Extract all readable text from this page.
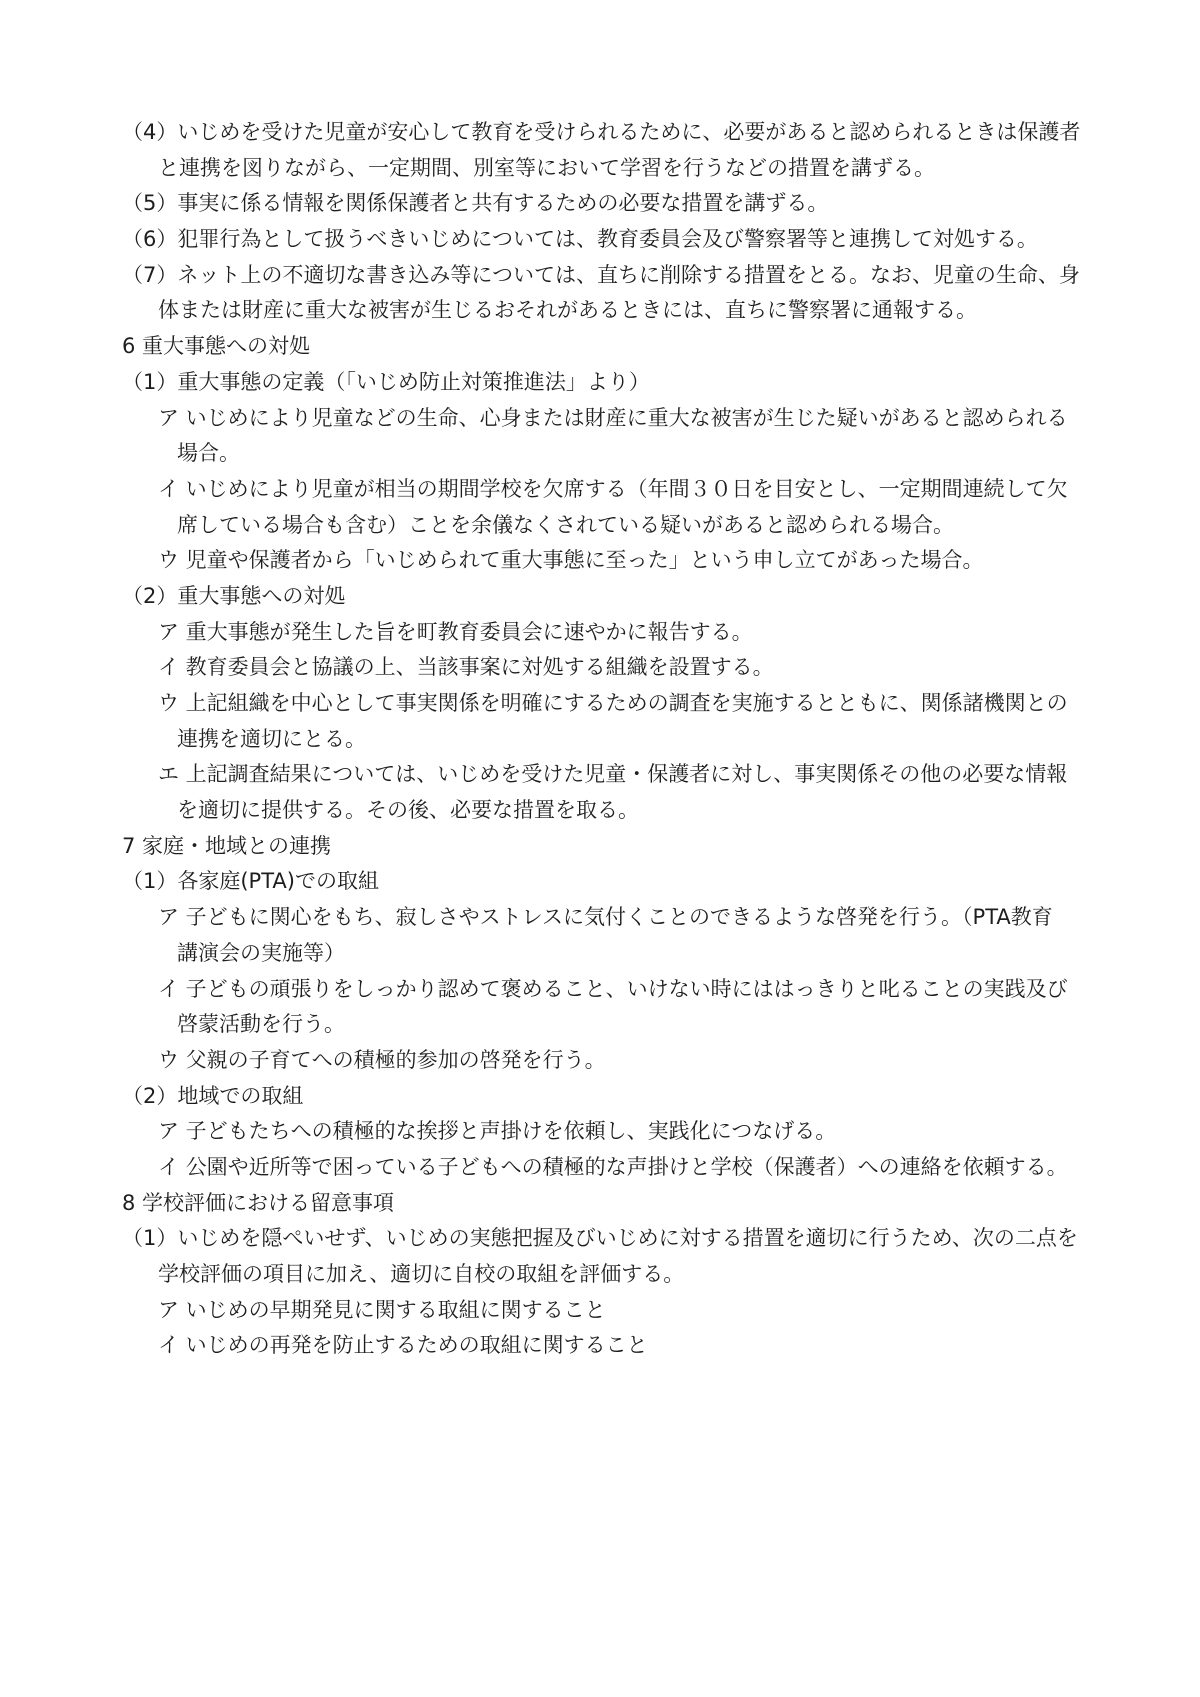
（4）いじめを受けた児童が安心して教育を受けられるために、必要があると認められるときは保護者
と連携を図りながら、一定期間、別室等において学習を行うなどの措置を講ずる。
（5）事実に係る情報を関係保護者と共有するための必要な措置を講ずる。
（6）犯罪行為として扱うべきいじめについては、教育委員会及び警察署等と連携して対処する。
（7）ネット上の不適切な書き込み等については、直ちに削除する措置をとる。なお、児童の生命、身
体または財産に重大な被害が生じるおそれがあるときには、直ちに警察署に通報する。
6 重大事態への対処
（1）重大事態の定義（「いじめ防止対策推進法」より）
ア いじめにより児童などの生命、心身または財産に重大な被害が生じた疑いがあると認められる
場合。
イ いじめにより児童が相当の期間学校を欠席する（年間３０日を目安とし、一定期間連続して欠
席している場合も含む）ことを余儀なくされている疑いがあると認められる場合。
ウ 児童や保護者から「いじめられて重大事態に至った」という申し立てがあった場合。
（2）重大事態への対処
ア 重大事態が発生した旨を町教育委員会に速やかに報告する。
イ 教育委員会と協議の上、当該事案に対処する組織を設置する。
ウ 上記組織を中心として事実関係を明確にするための調査を実施するとともに、関係諸機関との
連携を適切にとる。
エ 上記調査結果については、いじめを受けた児童・保護者に対し、事実関係その他の必要な情報
を適切に提供する。その後、必要な措置を取る。
7 家庭・地域との連携
（1）各家庭(PTA)での取組
ア 子どもに関心をもち、寂しさやストレスに気付くことのできるような啓発を行う。（PTA教育
講演会の実施等）
イ 子どもの頑張りをしっかり認めて褒めること、いけない時にははっきりと叱ることの実践及び
啓蒙活動を行う。
ウ 父親の子育てへの積極的参加の啓発を行う。
（2）地域での取組
ア 子どもたちへの積極的な挨拶と声掛けを依頼し、実践化につなげる。
イ 公園や近所等で困っている子どもへの積極的な声掛けと学校（保護者）への連絡を依頼する。
8 学校評価における留意事項
（1）いじめを隠ぺいせず、いじめの実態把握及びいじめに対する措置を適切に行うため、次の二点を
学校評価の項目に加え、適切に自校の取組を評価する。
ア いじめの早期発見に関する取組に関すること
イ いじめの再発を防止するための取組に関すること
